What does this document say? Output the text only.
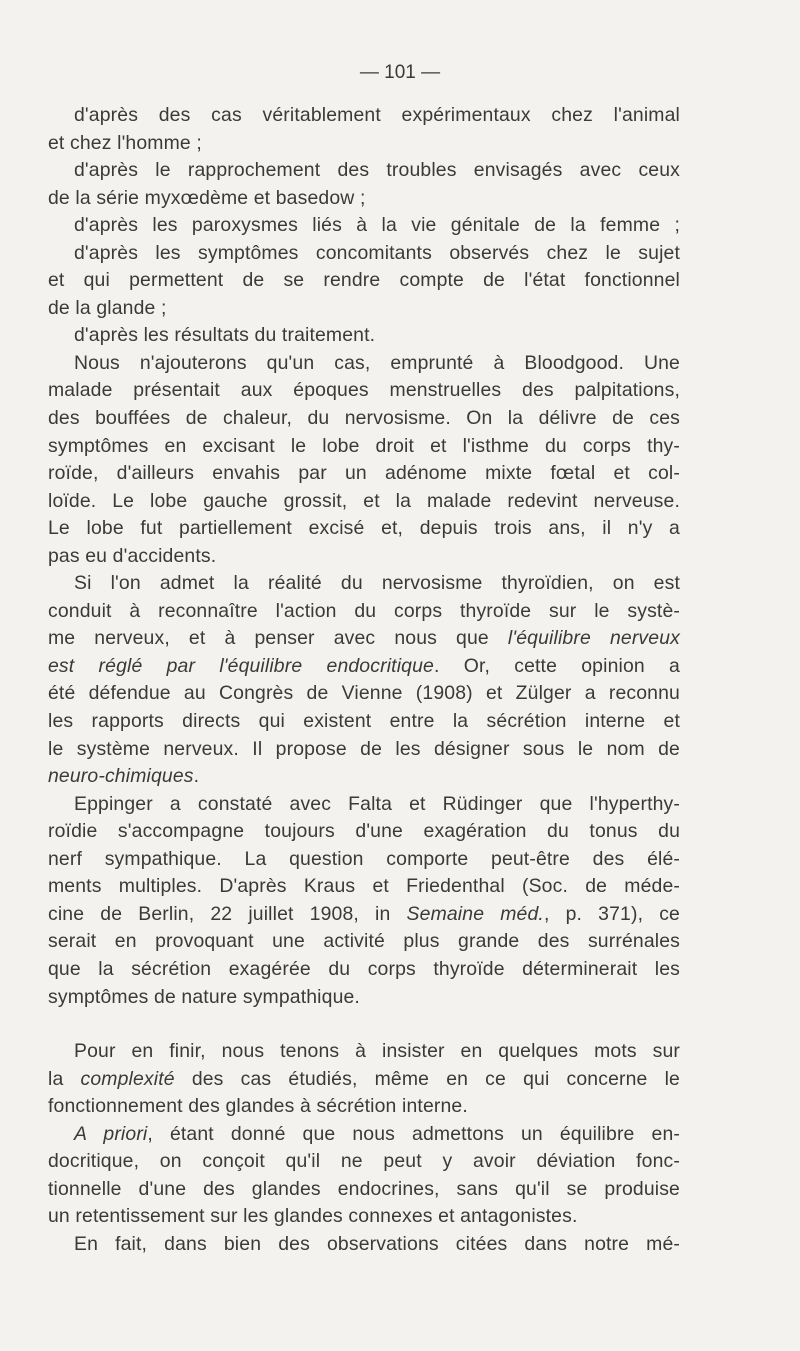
— 101 —
d'après des cas véritablement expérimentaux chez l'animal
et chez l'homme ;
d'après le rapprochement des troubles envisagés avec ceux
de la série myxœdème et basedow ;
d'après les paroxysmes liés à la vie génitale de la femme ;
d'après les symptômes concomitants observés chez le sujet
et qui permettent de se rendre compte de l'état fonctionnel
de la glande ;
d'après les résultats du traitement.
Nous n'ajouterons qu'un cas, emprunté à Bloodgood. Une
malade présentait aux époques menstruelles des palpitations,
des bouffées de chaleur, du nervosisme. On la délivre de ces
symptômes en excisant le lobe droit et l'isthme du corps thy-
roïde, d'ailleurs envahis par un adénome mixte fœtal et col-
loïde. Le lobe gauche grossit, et la malade redevint nerveuse.
Le lobe fut partiellement excisé et, depuis trois ans, il n'y a
pas eu d'accidents.
Si l'on admet la réalité du nervosisme thyroïdien, on est
conduit à reconnaître l'action du corps thyroïde sur le systè-
me nerveux, et à penser avec nous que l'équilibre nerveux
est réglé par l'équilibre endocritique. Or, cette opinion a
été défendue au Congrès de Vienne (1908) et Zülger a reconnu
les rapports directs qui existent entre la sécrétion interne et
le système nerveux. Il propose de les désigner sous le nom de
neuro-chimiques.
Eppinger a constaté avec Falta et Rüdinger que l'hyperthy-
roïdie s'accompagne toujours d'une exagération du tonus du
nerf sympathique. La question comporte peut-être des élé-
ments multiples. D'après Kraus et Friedenthal (Soc. de méde-
cine de Berlin, 22 juillet 1908, in Semaine méd., p. 371), ce
serait en provoquant une activité plus grande des surrénales
que la sécrétion exagérée du corps thyroïde déterminerait les
symptômes de nature sympathique.
Pour en finir, nous tenons à insister en quelques mots sur
la complexité des cas étudiés, même en ce qui concerne le
fonctionnement des glandes à sécrétion interne.
A priori, étant donné que nous admettons un équilibre en-
docritique, on conçoit qu'il ne peut y avoir déviation fonc-
tionnelle d'une des glandes endocrines, sans qu'il se produise
un retentissement sur les glandes connexes et antagonistes.
En fait, dans bien des observations citées dans notre mé-
